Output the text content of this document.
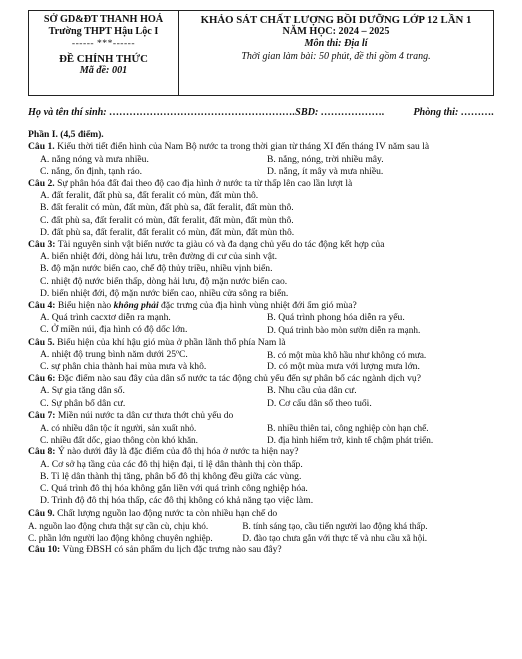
SỞ GD&ĐT THANH HOÁ
Trường THPT Hậu Lộc I
------ ***------
ĐỀ CHÍNH THỨC
Mã đề: 001
KHẢO SÁT CHẤT LƯỢNG BỒI DƯỠNG LỚP 12 LẦN 1
NĂM HỌC: 2024 – 2025
Môn thi: Địa lí
Thời gian làm bài: 50 phút, đề thi gồm 4 trang.
Họ và tên thí sinh: ………………………………………………. SBD: ……………….	Phòng thi: ……….
Phần I. (4,5 điểm).
Câu 1. Kiểu thời tiết điển hình của Nam Bộ nước ta trong thời gian từ tháng XI đến tháng IV năm sau là
A. nắng nóng và mưa nhiều.	B. nắng, nóng, trời nhiều mây.
C. nắng, ổn định, tạnh ráo.	D. nắng, ít mây và mưa nhiều.
Câu 2. Sự phân hóa đất đai theo độ cao địa hình ở nước ta từ thấp lên cao lần lượt là
A. đất feralit, đất phù sa, đất feralit có mùn, đất mùn thô.
B. đất feralit có mùn, đất mùn, đất phù sa, đất feralit, đất mùn thô.
C. đất phù sa, đất feralit có mùn, đất feralit, đất mùn, đất mùn thô.
D. đất phù sa, đất feralit, đất feralit có mùn, đất mùn, đất mùn thô.
Câu 3: Tài nguyên sinh vật biển nước ta giàu có và đa dạng chủ yếu do tác động kết hợp của
A. biển nhiệt đới, dòng hải lưu, trên đường di cư của sinh vật.
B. độ mặn nước biển cao, chế độ thủy triều, nhiều vịnh biển.
C. nhiệt độ nước biển thấp, dòng hải lưu, độ mặn nước biển cao.
D. biển nhiệt đới, độ mặn nước biển cao, nhiều cửa sông ra biển.
Câu 4: Biểu hiện nào không phải đặc trưng của địa hình vùng nhiệt đới ẩm gió mùa?
A. Quá trình cacxtơ diễn ra mạnh.	B. Quá trình phong hóa diễn ra yếu.
C. Ở miền núi, địa hình có độ dốc lớn.	D. Quá trình bào mòn sườn diễn ra mạnh.
Câu 5. Biểu hiện của khí hậu gió mùa ở phần lãnh thổ phía Nam là
A. nhiệt độ trung bình năm dưới 25ºC.	B. có một mùa khô hầu như không có mưa.
C. sự phân chia thành hai mùa mưa và khô.	D. có một mùa mưa với lượng mưa lớn.
Câu 6: Đặc điểm nào sau đây của dân số nước ta tác động chủ yếu đến sự phân bố các ngành dịch vụ?
A. Sự gia tăng dân số.	B. Nhu cầu của dân cư.
C. Sự phân bố dân cư.	D. Cơ cấu dân số theo tuổi.
Câu 7: Miền núi nước ta dân cư thưa thớt chủ yếu do
A. có nhiều dân tộc ít người, sản xuất nhỏ.	B. nhiều thiên tai, công nghiệp còn hạn chế.
C. nhiều đất dốc, giao thông còn khó khăn.	D. địa hình hiểm trở, kinh tế chậm phát triển.
Câu 8: Ý nào dưới đây là đặc điểm của đô thị hóa ở nước ta hiện nay?
A. Cơ sở hạ tầng của các đô thị hiện đại, tỉ lệ dân thành thị còn thấp.
B. Tỉ lệ dân thành thị tăng, phân bố đô thị không đều giữa các vùng.
C. Quá trình đô thị hóa không gắn liền với quá trình công nghiệp hóa.
D. Trình độ đô thị hóa thấp, các đô thị không có khả năng tạo việc làm.
Câu 9. Chất lượng nguồn lao động nước ta còn nhiều hạn chế do
A. nguồn lao động chưa thật sự cần cù, chịu khó.	B. tính sáng tạo, cầu tiến người lao động khá thấp.
C. phần lớn người lao động không chuyên nghiệp.	D. đào tạo chưa gắn với thực tế và nhu cầu xã hội.
Câu 10: Vùng ĐBSH có sản phẩm du lịch đặc trưng nào sau đây?
